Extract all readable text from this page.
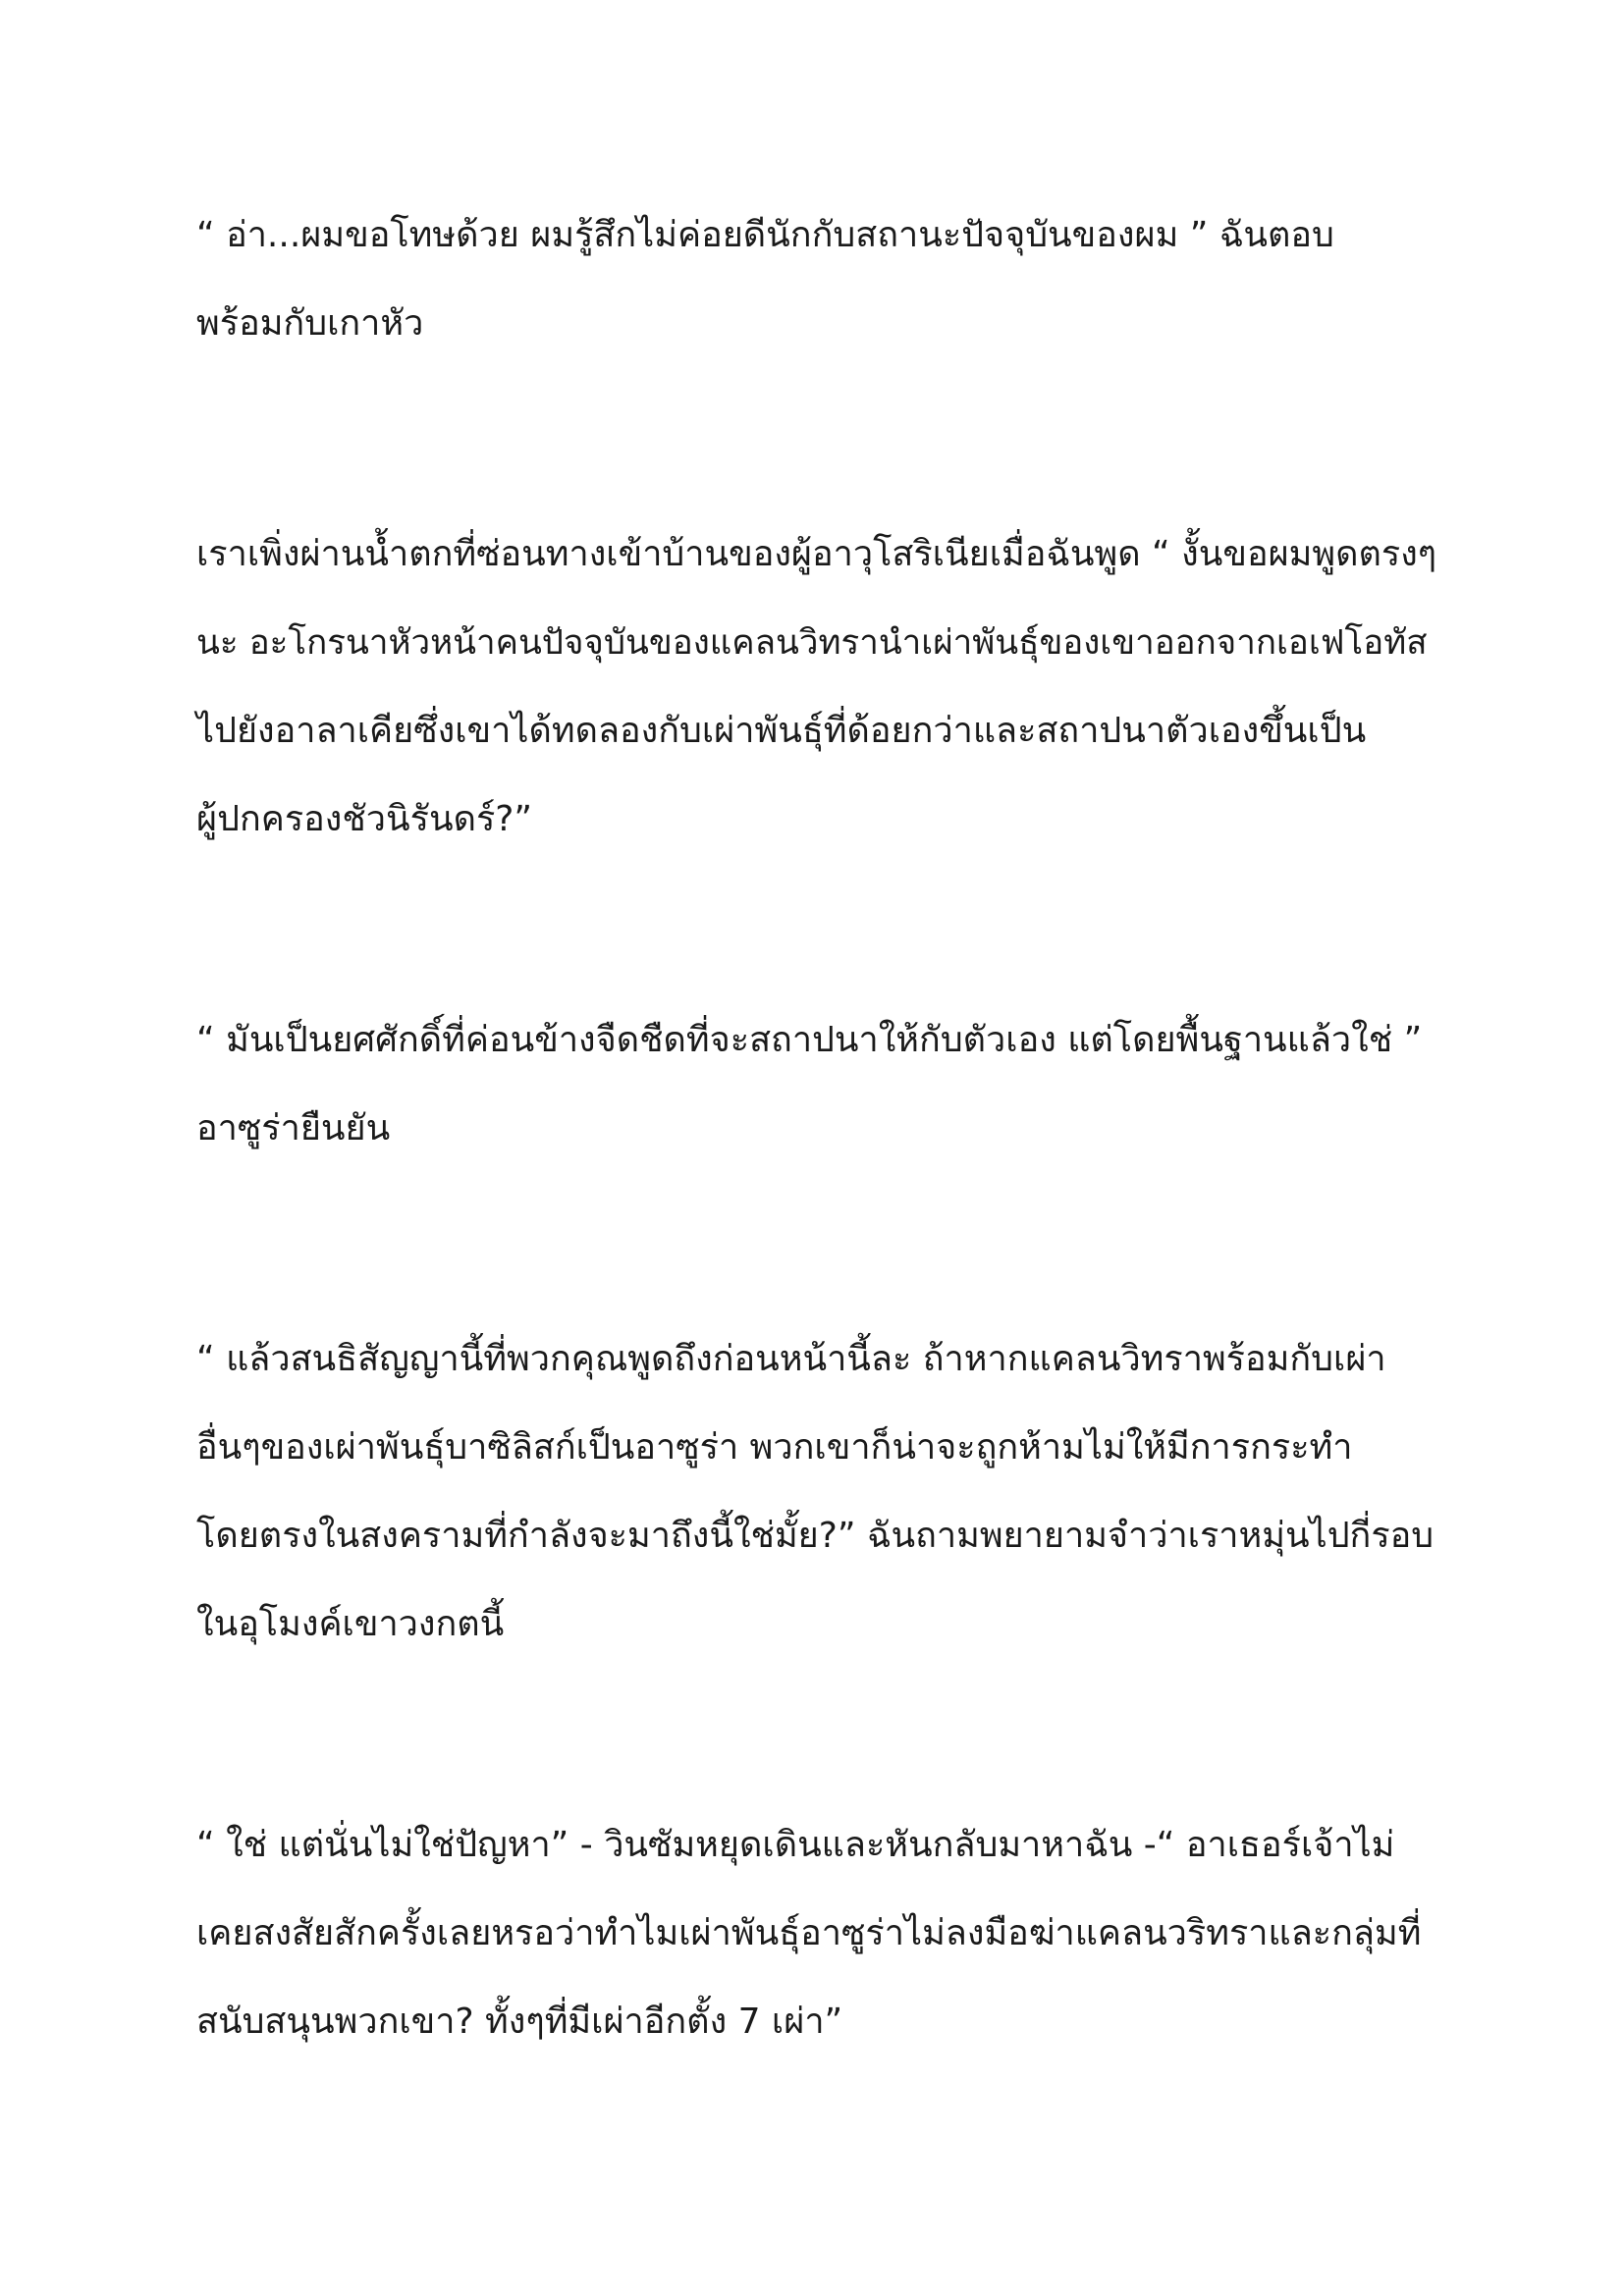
“ อ่า...ผมขอโทษด้วย ผมรู้สึกไม่ค่อยดีนักกับสถานะปัจจุบันของผม ” ฉันตอบ
พร้อมกับเกาหัว

เราเพิ่งผ่านน้ำตกที่ซ่อนทางเข้าบ้านของผู้อาวุโสริเนียเมื่อฉันพูด “ งั้นขอผมพูดตรงๆ
นะ อะโกรนาหัวหน้าคนปัจจุบันของแคลนวิทรานำเผ่าพันธุ์ของเขาออกจากเอเฟโอทัส
ไปยังอาลาเคียซึ่งเขาได้ทดลองกับเผ่าพันธุ์ที่ด้อยกว่าและสถาปนาตัวเองขึ้นเป็น
ผู้ปกครองชัวนิรันดร์?”

“ มันเป็นยศศักดิ์ที่ค่อนข้างจืดชืดที่จะสถาปนาให้กับตัวเอง แต่โดยพื้นฐานแล้วใช่ ”
อาซูร่ายืนยัน

“ แล้วสนธิสัญญานี้ที่พวกคุณพูดถึงก่อนหน้านี้ละ ถ้าหากแคลนวิทราพร้อมกับเผ่า
อื่นๆของเผ่าพันธุ์บาซิลิสก์เป็นอาซูร่า พวกเขาก็น่าจะถูกห้ามไม่ให้มีการกระทำ
โดยตรงในสงครามที่กำลังจะมาถึงนี้ใช่มั้ย?” ฉันถามพยายามจำว่าเราหมุ่นไปกี่รอบ
ในอุโมงค์เขาวงกตนี้

“ ใช่ แต่นั่นไม่ใช่ปัญหา” - วินซัมหยุดเดินและหันกลับมาหาฉัน -“ อาเธอร์เจ้าไม่
เคยสงสัยสักครั้งเลยหรอว่าทำไมเผ่าพันธุ์อาซูร่าไม่ลงมือฆ่าแคลนวริทราและกลุ่มที่
สนับสนุนพวกเขา? ทั้งๆที่มีเผ่าอีกตั้ง 7 เผ่า”
